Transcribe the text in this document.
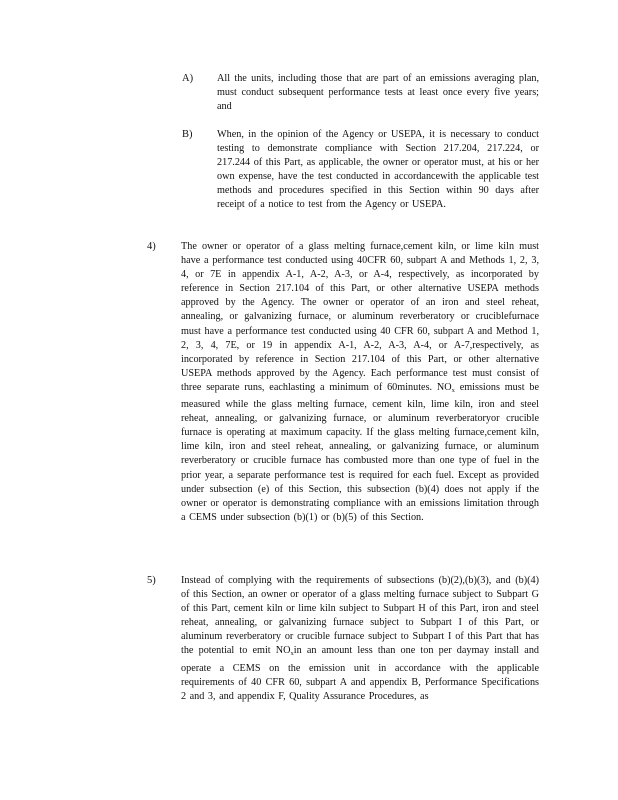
A) All the units, including those that are part of an emissions averaging plan, must conduct subsequent performance tests at least once every five years; and
B) When, in the opinion of the Agency or USEPA, it is necessary to conduct testing to demonstrate compliance with Section 217.204, 217.224, or 217.244 of this Part, as applicable, the owner or operator must, at his or her own expense, have the test conducted in accordancewith the applicable test methods and procedures specified in this Section within 90 days after receipt of a notice to test from the Agency or USEPA.
4) The owner or operator of a glass melting furnace,cement kiln, or lime kiln must have a performance test conducted using 40CFR 60, subpart A and Methods 1, 2, 3, 4, or 7E in appendix A-1, A-2, A-3, or A-4, respectively, as incorporated by reference in Section 217.104 of this Part, or other alternative USEPA methods approved by the Agency. The owner or operator of an iron and steel reheat, annealing, or galvanizing furnace, or aluminum reverberatory or cruciblefurnace must have a performance test conducted using 40 CFR 60, subpart A and Method 1, 2, 3, 4, 7E, or 19 in appendix A-1, A-2, A-3, A-4, or A-7,respectively, as incorporated by reference in Section 217.104 of this Part, or other alternative USEPA methods approved by the Agency. Each performance test must consist of three separate runs, eachlasting a minimum of 60minutes. $NO_x$ emissions must be measured while the glass melting furnace, cement kiln, lime kiln, iron and steel reheat, annealing, or galvanizing furnace, or aluminum reverberatoryor crucible furnace is operating at maximum capacity. If the glass melting furnace,cement kiln, lime kiln, iron and steel reheat, annealing, or galvanizing furnace, or aluminum reverberatory or crucible furnace has combusted more than one type of fuel in the prior year, a separate performance test is required for each fuel. Except as provided under subsection (e) of this Section, this subsection (b)(4) does not apply if the owner or operator is demonstrating compliance with an emissions limitation through a CEMS under subsection (b)(1) or (b)(5) of this Section.
5) Instead of complying with the requirements of subsections (b)(2),(b)(3), and (b)(4) of this Section, an owner or operator of a glass melting furnace subject to Subpart G of this Part, cement kiln or lime kiln subject to Subpart H of this Part, iron and steel reheat, annealing, or galvanizing furnace subject to Subpart I of this Part, or aluminum reverberatory or crucible furnace subject to Subpart I of this Part that has the potential to emit $NO_xin$ an amount less than one ton per daymay install and operate a CEMS on the emission unit in accordance with the applicable requirements of 40 CFR 60, subpart A and appendix B, Performance Specifications 2 and 3, and appendix F, Quality Assurance Procedures, as
